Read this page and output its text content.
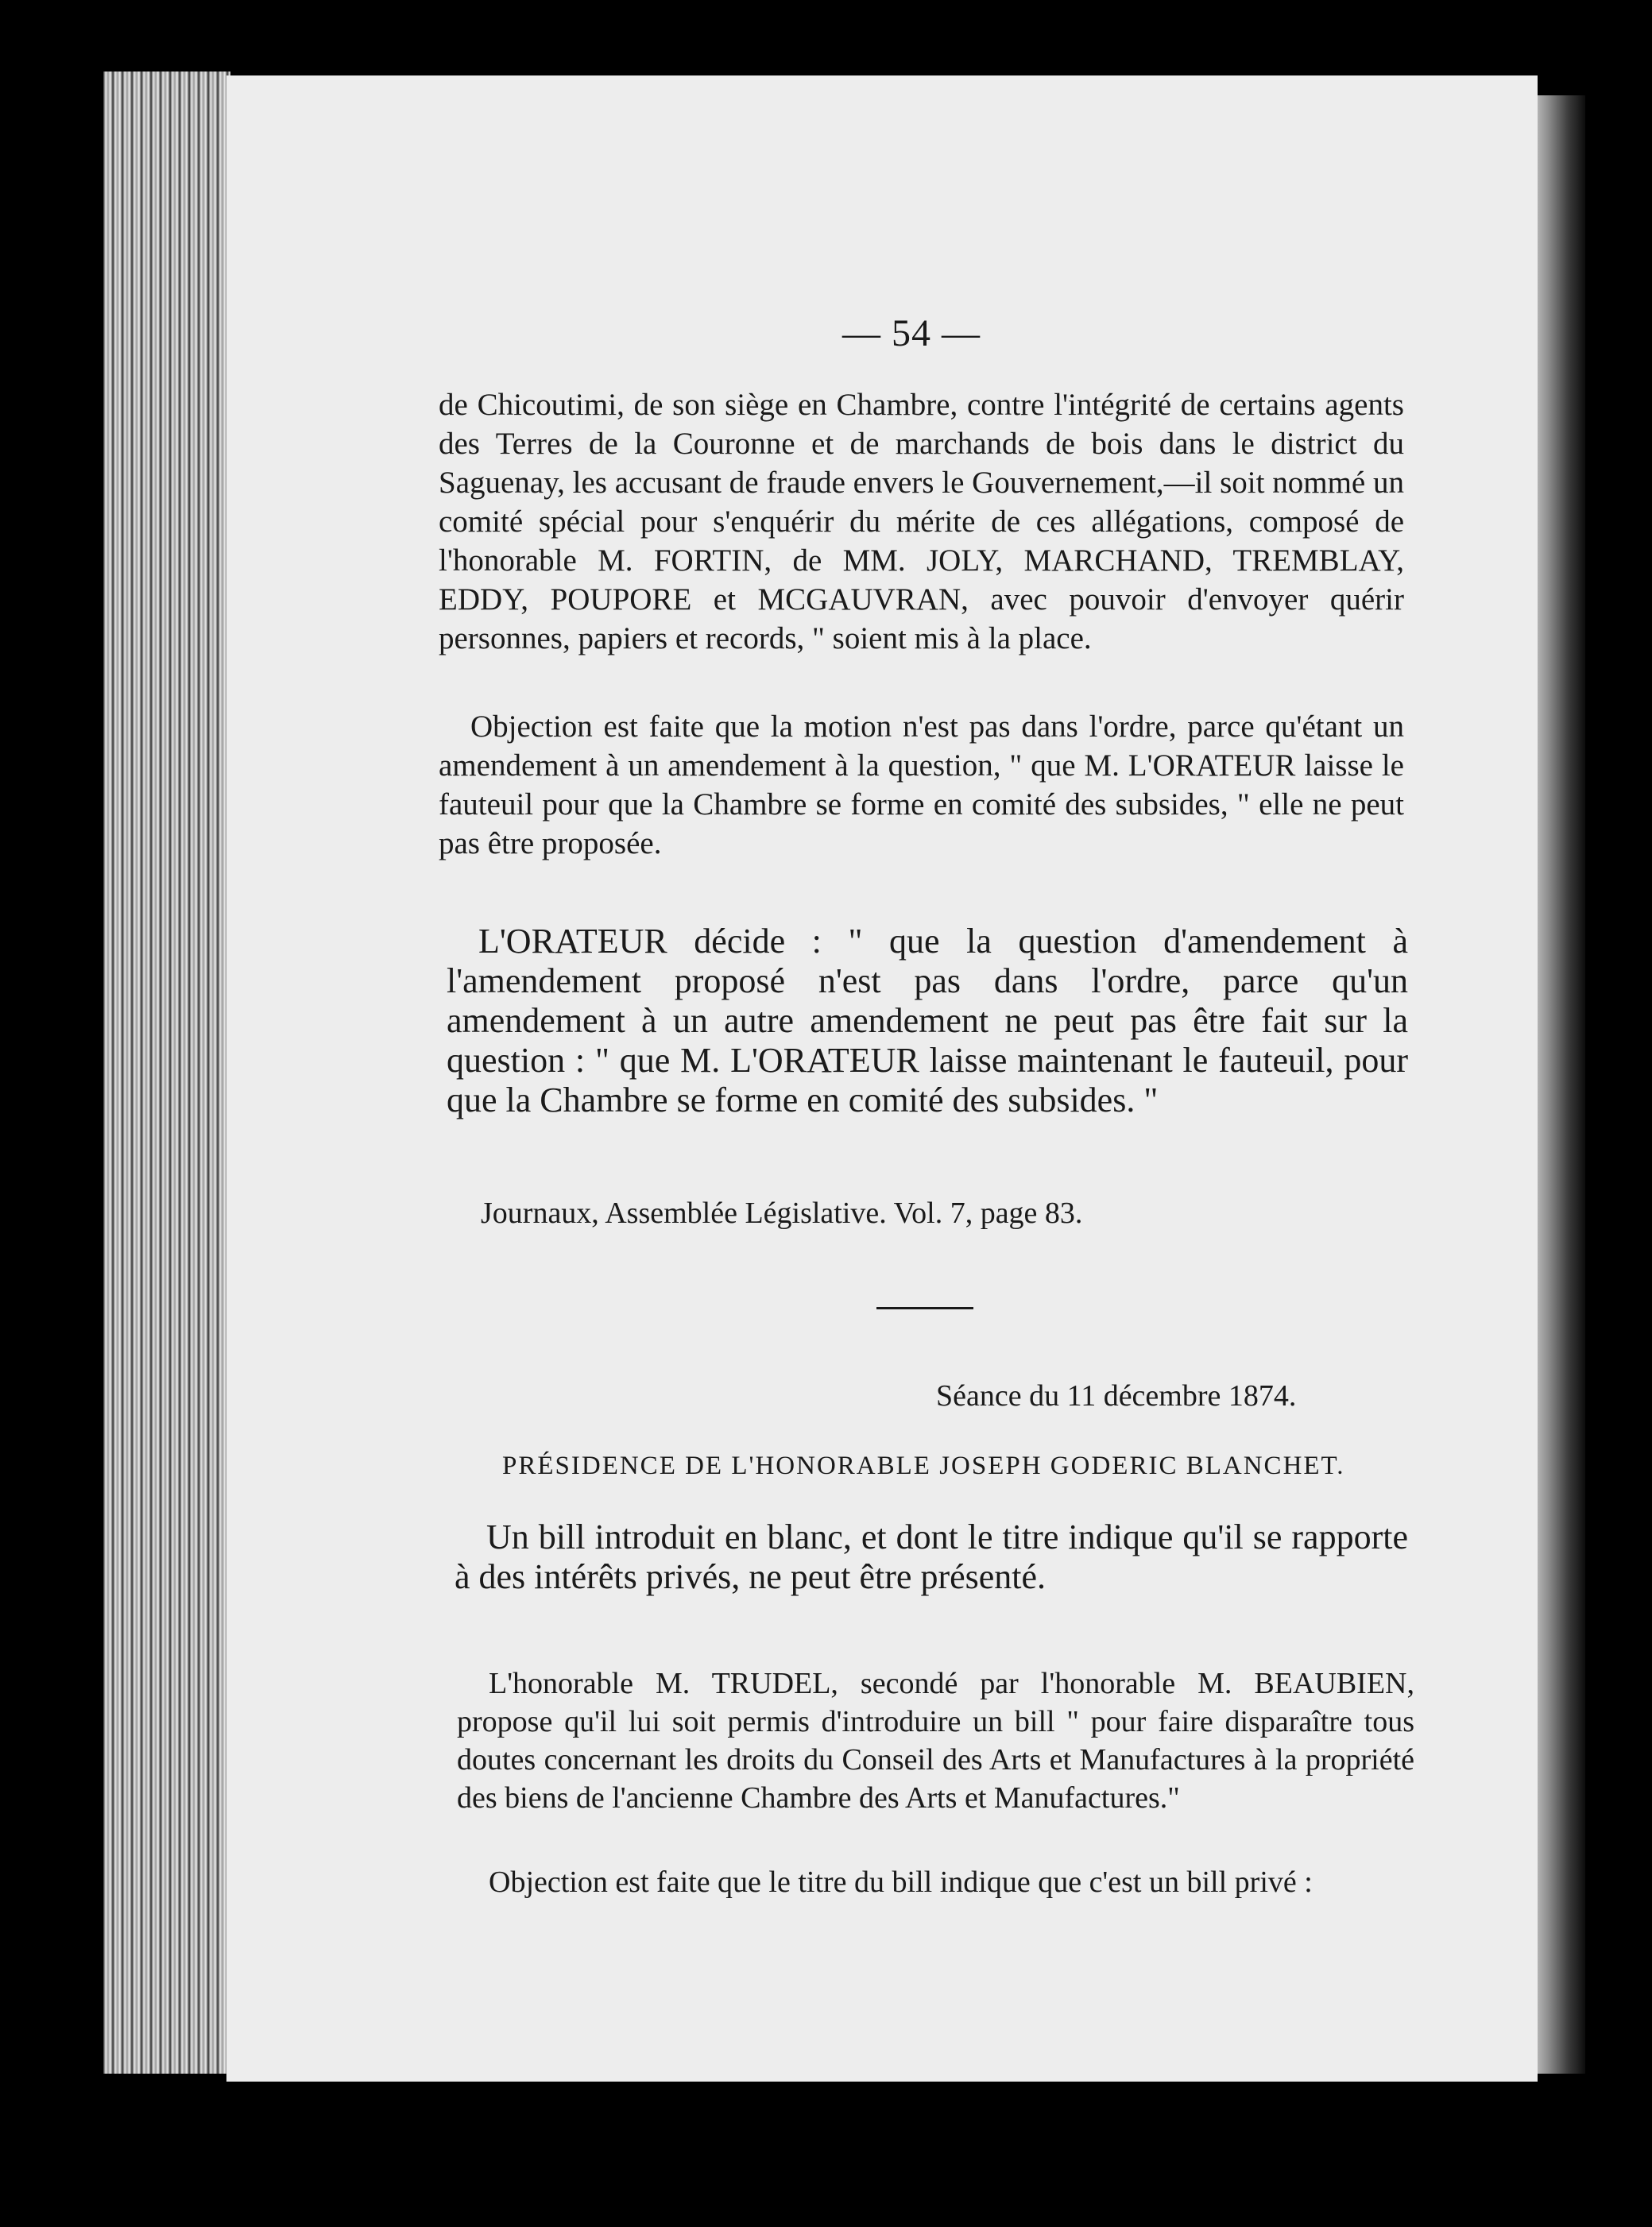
— 54 —
de Chicoutimi, de son siège en Chambre, contre l'intégrité de certains agents des Terres de la Couronne et de marchands de bois dans le district du Saguenay, les accusant de fraude envers le Gouvernement,—il soit nommé un comité spécial pour s'enquérir du mérite de ces allégations, composé de l'honorable M. FORTIN, de MM. JOLY, MARCHAND, TREMBLAY, EDDY, POUPORE et MCGAUVRAN, avec pouvoir d'envoyer quérir personnes, papiers et records, " soient mis à la place.
Objection est faite que la motion n'est pas dans l'ordre, parce qu'étant un amendement à un amendement à la question, " que M. L'ORATEUR laisse le fauteuil pour que la Chambre se forme en comité des subsides, " elle ne peut pas être proposée.
L'ORATEUR décide : " que la question d'amendement à l'amendement proposé n'est pas dans l'ordre, parce qu'un amendement à un autre amendement ne peut pas être fait sur la question : " que M. L'ORATEUR laisse maintenant le fauteuil, pour que la Chambre se forme en comité des subsides. "
Journaux, Assemblée Législative. Vol. 7, page 83.
Séance du 11 décembre 1874.
PRÉSIDENCE DE L'HONORABLE JOSEPH GODERIC BLANCHET.
Un bill introduit en blanc, et dont le titre indique qu'il se rapporte à des intérêts privés, ne peut être présenté.
L'honorable M. TRUDEL, secondé par l'honorable M. BEAUBIEN, propose qu'il lui soit permis d'introduire un bill " pour faire disparaître tous doutes concernant les droits du Conseil des Arts et Manufactures à la propriété des biens de l'ancienne Chambre des Arts et Manufactures."
Objection est faite que le titre du bill indique que c'est un bill privé :
